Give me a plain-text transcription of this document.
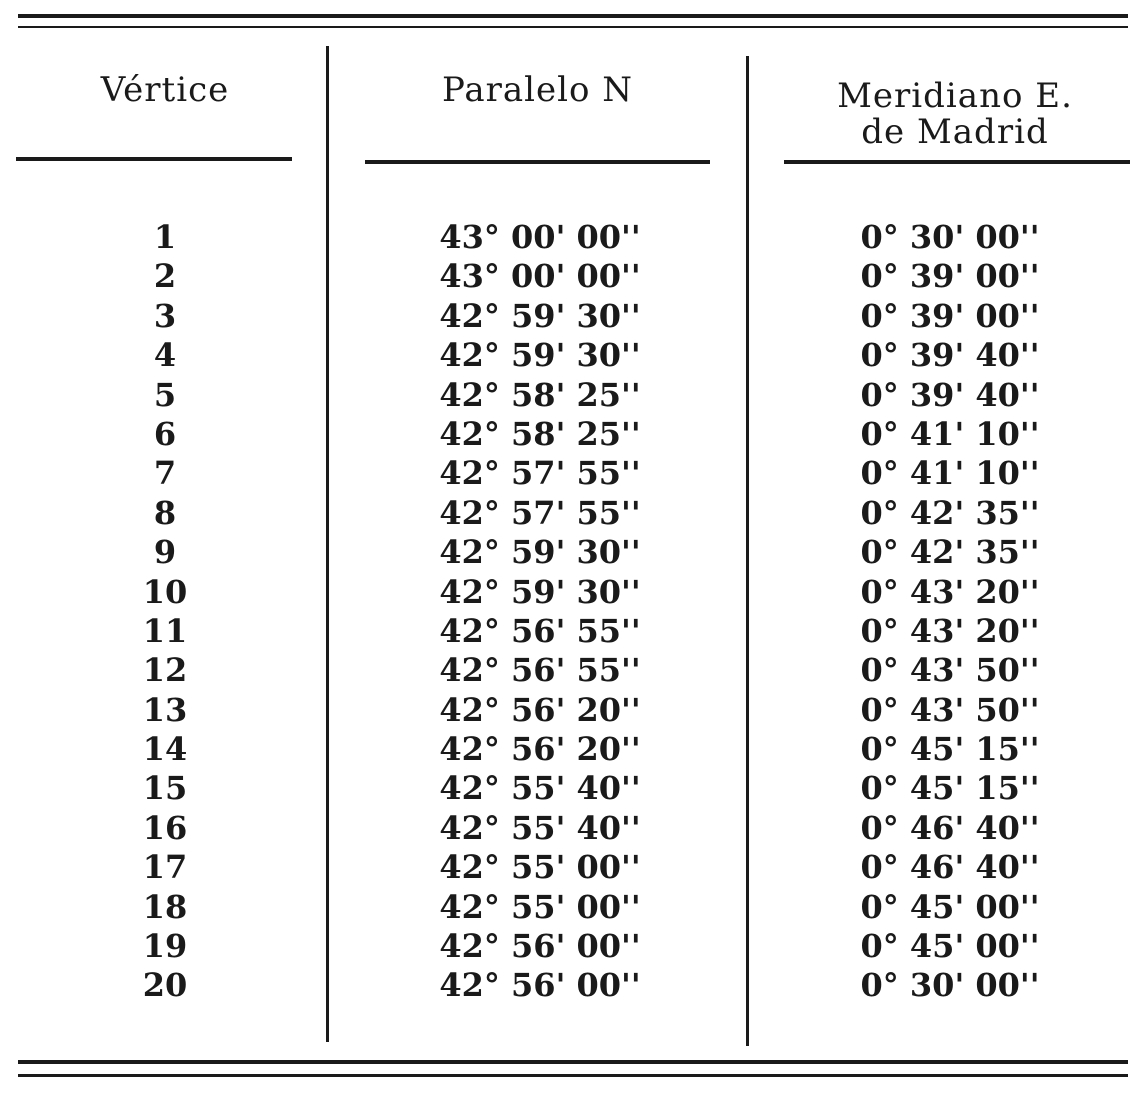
Vértice	Paralelo N	Meridiano E.
de Madrid
1
2
3
4
5
6
7
8
9
10
11
12
13
14
15
16
17
18
19
20
43° 00' 00''
43° 00' 00''
42° 59' 30''
42° 59' 30''
42° 58' 25''
42° 58' 25''
42° 57' 55''
42° 57' 55''
42° 59' 30''
42° 59' 30''
42° 56' 55''
42° 56' 55''
42° 56' 20''
42° 56' 20''
42° 55' 40''
42° 55' 40''
42° 55' 00''
42° 55' 00''
42° 56' 00''
42° 56' 00''
0° 30' 00''
0° 39' 00''
0° 39' 00''
0° 39' 40''
0° 39' 40''
0° 41' 10''
0° 41' 10''
0° 42' 35''
0° 42' 35''
0° 43' 20''
0° 43' 20''
0° 43' 50''
0° 43' 50''
0° 45' 15''
0° 45' 15''
0° 46' 40''
0° 46' 40''
0° 45' 00''
0° 45' 00''
0° 30' 00''
